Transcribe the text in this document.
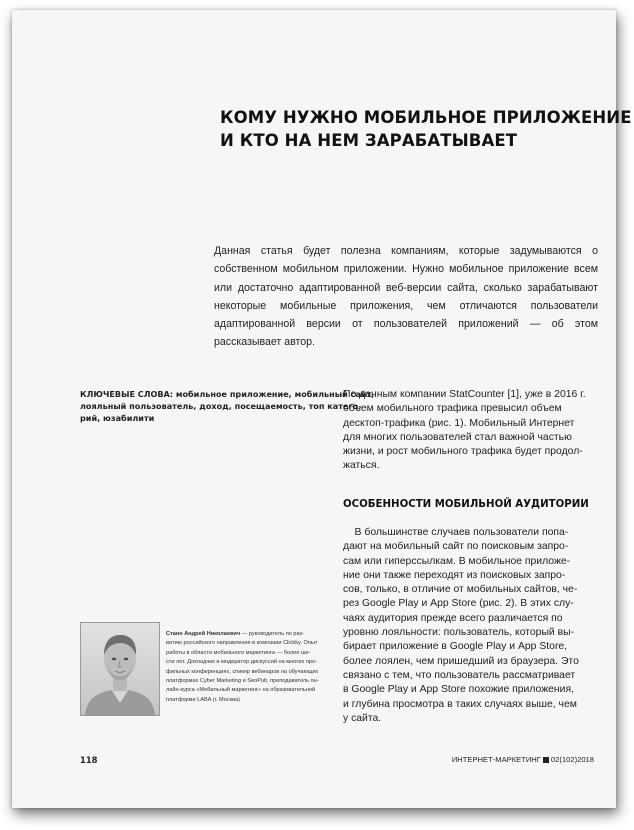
КОМУ НУЖНО МОБИЛЬНОЕ ПРИЛОЖЕНИЕ
И КТО НА НЕМ ЗАРАБАТЫВАЕТ

Данная статья будет полезна компаниям, которые задумываются о собственном мобильном приложении. Нужно мобильное приложение всем или достаточно адаптированной веб-версии сайта, сколько зарабатывают некоторые мобильные приложения, чем отличаются пользователи адаптированной версии от пользователей приложений — об этом рассказывает автор.

КЛЮЧЕВЫЕ СЛОВА: мобильное приложение, мобильный сайт,
лояльный пользователь, доход, посещаемость, топ катего-
рий, юзабилити
По данным компании StatCounter [1], уже в 2016 г.
объем мобильного трафика превысил объем
десктоп-трафика (рис. 1). Мобильный Интернет
для многих пользователей стал важной частью
жизни, и рост мобильного трафика будет продол-
жаться.
ОСОБЕННОСТИ МОБИЛЬНОЙ АУДИТОРИИ
В большинстве случаев пользователи попа-
дают на мобильный сайт по поисковым запро-
сам или гиперссылкам. В мобильное приложе-
ние они также переходят из поисковых запро-
сов, только, в отличие от мобильных сайтов, че-
рез Google Play и App Store (рис. 2). В этих слу-
чаях аудитория прежде всего различается по
уровню лояльности: пользователь, который вы-
бирает приложение в Google Play и App Store,
более лоялен, чем пришедший из браузера. Это
связано с тем, что пользователь рассматривает
в Google Play и App Store похожие приложения,
и глубина просмотра в таких случаях выше, чем
у сайта.
Станн Андрей Николаевич — руководитель по раз-
витию российского направления в компании Clickky. Опыт
работы в области мобильного маркетинга — более ше-
сти лет. Докладчик и модератор дискуссий на многих про-
фильных конференциях, спикер вебинаров на обучающих
платформах Cyber Marketing и SeoPult, преподаватель он-
лайн-курса «Мобильный маркетинг» на образовательной
платформе LABA (г. Москва)
118	ИНТЕРНЕТ-МАРКЕТИНГ 02(102)2018
